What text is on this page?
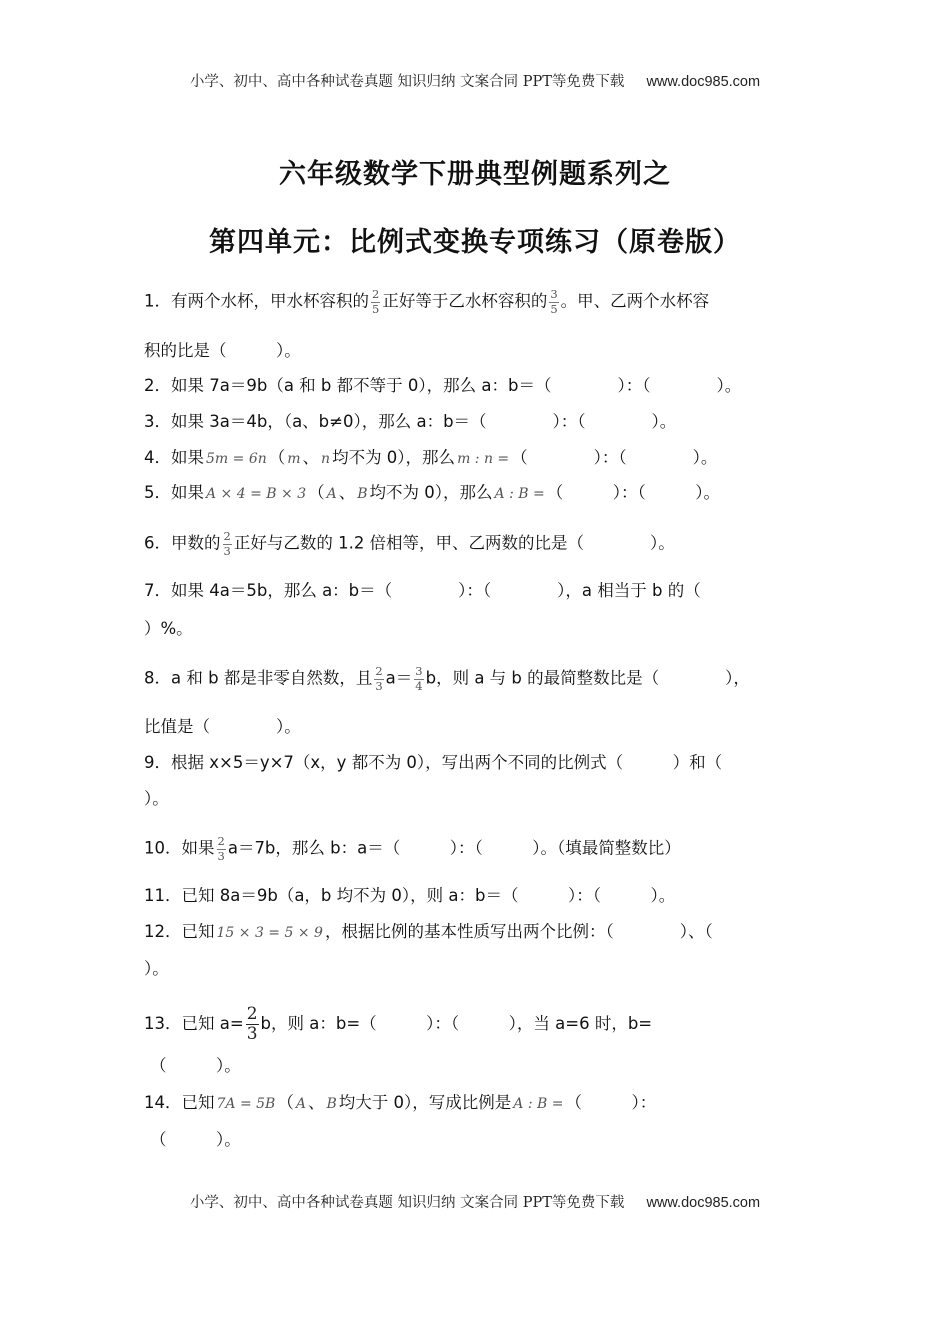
小学、初中、高中各种试卷真题 知识归纳 文案合同 PPT等免费下载 www.doc985.com
六年级数学下册典型例题系列之
第四单元：比例式变换专项练习（原卷版）
1．有两个水杯，甲水杯容积的 $\frac{2}{5}$ 正好等于乙水杯容积的 $\frac{3}{5}$ 。甲、乙两个水杯容
积的比是（　　　）。
2．如果 7a＝9b（a 和 b 都不等于 0），那么 a：b＝（　　　　）：（　　　　）。
3．如果 3a＝4b，（a、b≠0），那么 a：b＝（　　　　）：（　　　　）。
4．如果 5m = 6n （ m 、 n 均不为 0），那么 m : n = （　　　　）：（　　　　）。
5．如果 A × 4 = B × 3 （ A 、 B 均不为 0），那么 A : B = （　　　）：（　　　）。
6．甲数的 $\frac{2}{3}$ 正好与乙数的 1.2 倍相等，甲、乙两数的比是（　　　　）。
7．如果 4a＝5b，那么 a：b＝（　　　　）：（　　　　），a 相当于 b 的（
）%。
8．a 和 b 都是非零自然数，且 $\frac{2}{3} a= \frac{3}{4}$ b，则 a 与 b 的最简整数比是（　　　　），
比值是（　　　　）。
9．根据 x×5＝y×7（x，y 都不为 0），写出两个不同的比例式（　　　）和（
）。
10．如果 $\frac{2}{3} a=7b$，那么 b：a＝（　　　）：（　　　）。（填最简整数比）
11．已知 8a＝9b（a，b 均不为 0），则 a：b＝（　　　）：（　　　）。
12．已知 15 × 3 = 5 × 9 ，根据比例的基本性质写出两个比例：（　　　　）、（
）。
13．已知 $a= \frac{2}{3}$ b，则 a：b=（　　　）：（　　　），当 a=6 时，b=
（　　　）。
14．已知 7A = 5B （ A 、 B 均大于 0），写成比例是 A : B = （　　　）：
（　　　）。
小学、初中、高中各种试卷真题 知识归纳 文案合同 PPT等免费下载 www.doc985.com
